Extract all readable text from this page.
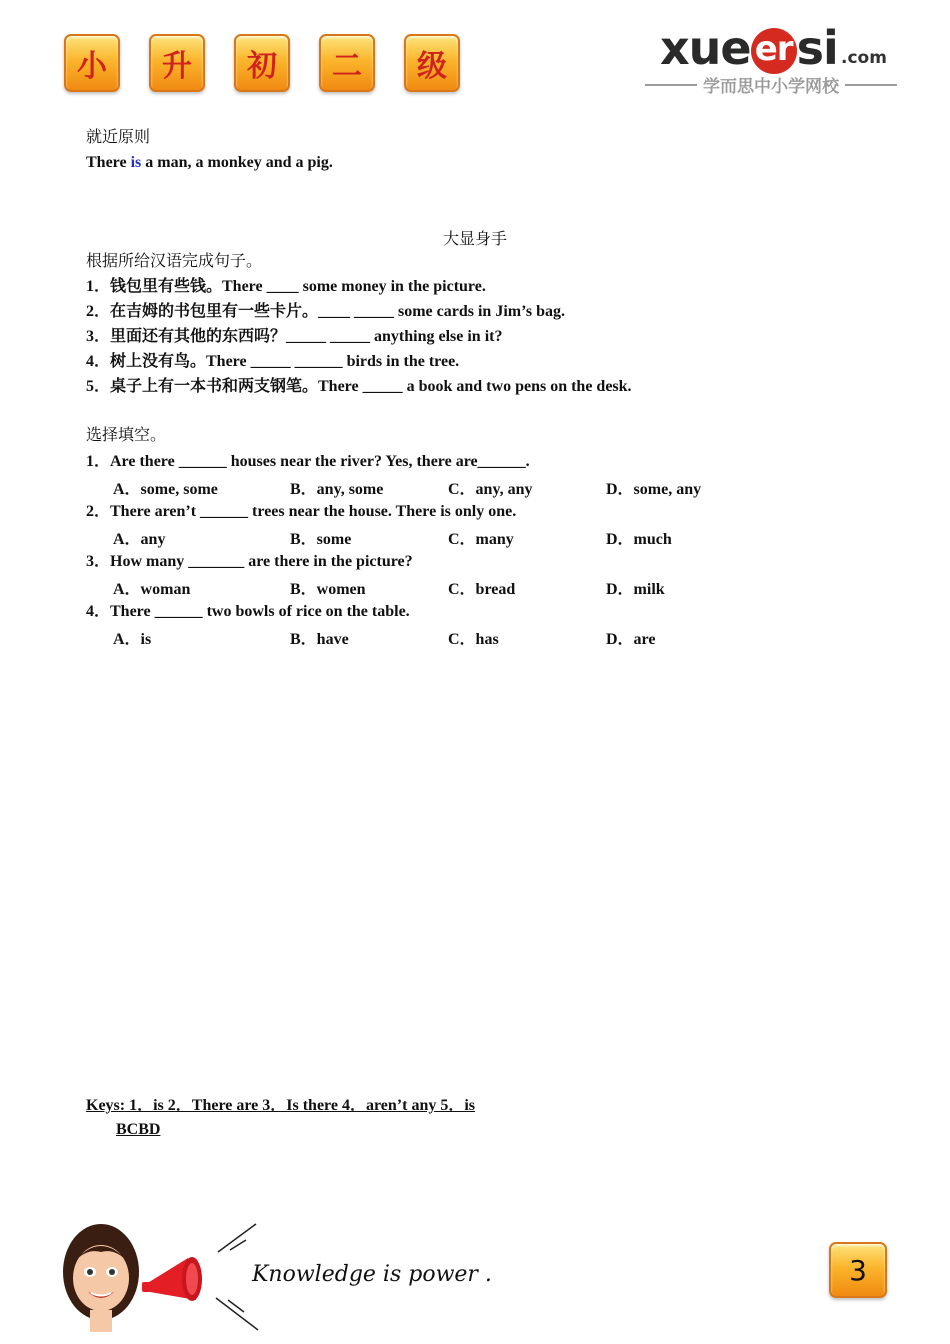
小	升	初	二	级	xue ersi .com
学而思中小学网校
就近原则
There is a man, a monkey and a pig.
大显身手
根据所给汉语完成句子。
1．钱包里有些钱。There ____ some money in the picture.
2．在吉姆的书包里有一些卡片。____ _____ some cards in Jim’s bag.
3．里面还有其他的东西吗？_____ _____ anything else in it?
4．树上没有鸟。There _____ ______ birds in the tree.
5．桌子上有一本书和两支钢笔。There _____ a book and two pens on the desk.
选择填空。
1．Are there ______ houses near the river? Yes, there are______.
A．some, some	B．any, some	C．any, any	D．some, any
2．There aren’t ______ trees near the house. There is only one.
A．any	B．some	C．many	D．much
3．How many _______ are there in the picture?
A．woman	B．women	C．bread	D．milk
4．There ______ two bowls of rice on the table.
A．is	B．have	C．has	D．are
Keys: 1．is 2．There are 3．Is there 4．aren’t any 5．is
BCBD
Knowledge is power .	3
